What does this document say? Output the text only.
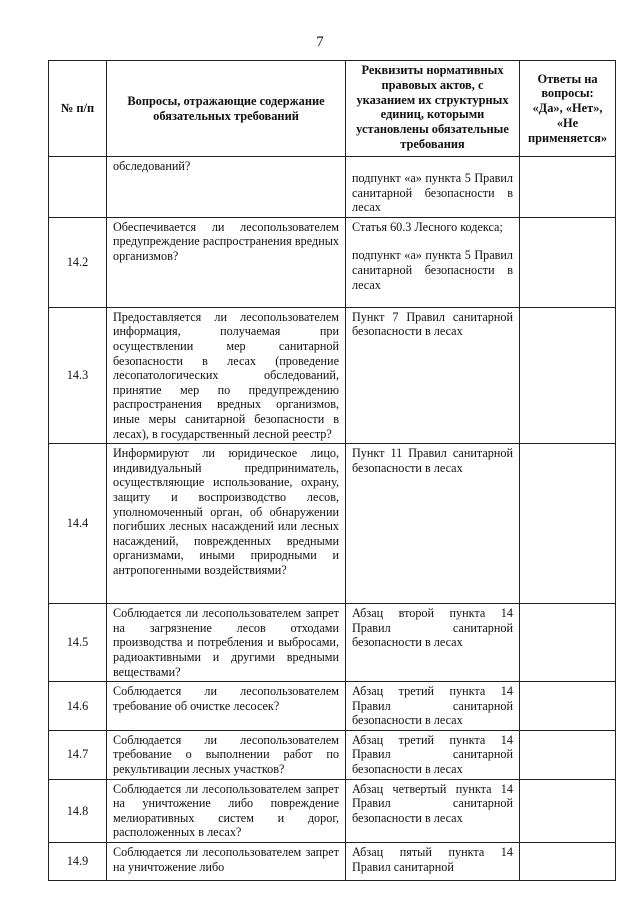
7
№ п/п	Вопросы, отражающие содержание обязательных требований	Реквизиты нормативных правовых актов, с указанием их структурных единиц, которыми установлены обязательные требования	Ответы на вопросы: «Да», «Нет», «Не применяется»
	обследований?	подпункт «а» пункта 5 Правил санитарной безопасности в лесах	

14.2	Обеспечивается ли лесопользователем предупреждение распространения вредных организмов?	Статья 60.3 Лесного кодекса;
подпункт «а» пункта 5 Правил санитарной безопасности в лесах	

14.3	Предоставляется ли лесопользователем информация, получаемая при осуществлении мер санитарной безопасности в лесах (проведение лесопатологических обследований, принятие мер по предупреждению распространения вредных организмов, иные меры санитарной безопасности в лесах), в государственный лесной реестр?	Пункт 7 Правил санитарной безопасности в лесах	

14.4	Информируют ли юридическое лицо, индивидуальный предприниматель, осуществляющие использование, охрану, защиту и воспроизводство лесов, уполномоченный орган, об обнаружении погибших лесных насаждений или лесных насаждений, поврежденных вредными организмами, иными природными и антропогенными воздействиями?	Пункт 11 Правил санитарной безопасности в лесах	

14.5	Соблюдается ли лесопользователем запрет на загрязнение лесов отходами производства и потребления и выбросами, радиоактивными и другими вредными веществами?	Абзац второй пункта 14 Правил санитарной безопасности в лесах	

14.6	Соблюдается ли лесопользователем требование об очистке лесосек?	Абзац третий пункта 14 Правил санитарной безопасности в лесах	

14.7	Соблюдается ли лесопользователем требование о выполнении работ по рекультивации лесных участков?	Абзац третий пункта 14 Правил санитарной безопасности в лесах	

14.8	Соблюдается ли лесопользователем запрет на уничтожение либо повреждение мелиоративных систем и дорог, расположенных в лесах?	Абзац четвертый пункта 14 Правил санитарной безопасности в лесах	

14.9	Соблюдается ли лесопользователем запрет на уничтожение либо	Абзац пятый пункта 14 Правил санитарной	
